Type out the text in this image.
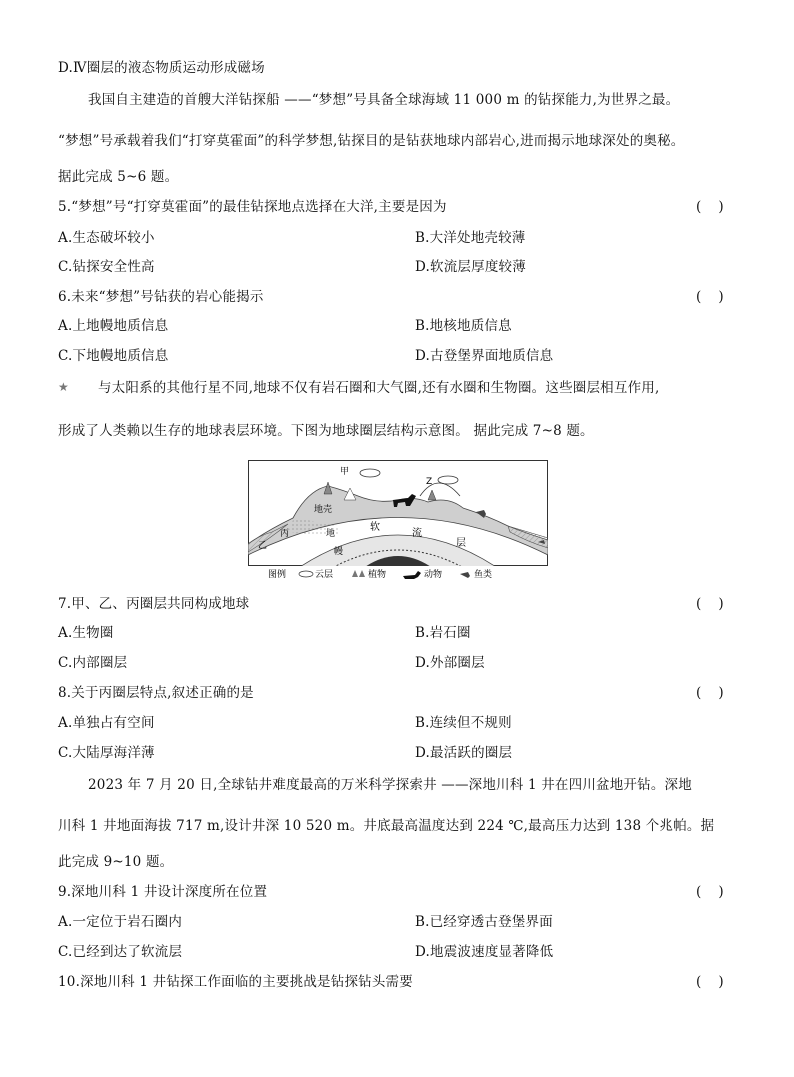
D.Ⅳ圈层的液态物质运动形成磁场
我国自主建造的首艘大洋钻探船 ——“梦想”号具备全球海域 11 000 m 的钻探能力,为世界之最。
“梦想”号承载着我们“打穿莫霍面”的科学梦想,钻探目的是钻获地球内部岩心,进而揭示地球深处的奥秘。
据此完成 5~6 题。
5.“梦想”号“打穿莫霍面”的最佳钻探地点选择在大洋,主要是因为	(    )
A.生态破坏较小	B.大洋处地壳较薄
C.钻探安全性高	D.软流层厚度较薄
6.未来“梦想”号钻获的岩心能揭示	(    )
A.上地幔地质信息	B.地核地质信息
C.下地幔地质信息	D.古登堡界面地质信息
★ 与太阳系的其他行星不同,地球不仅有岩石圈和大气圈,还有水圈和生物圈。这些圈层相互作用,
形成了人类赖以生存的地球表层环境。下图为地球圈层结构示意图。 据此完成 7~8 题。
甲
Z
地壳
丙
乙
地
幔
软
流
层
图例	云层	植物	动物	鱼类
7.甲、乙、丙圈层共同构成地球	(    )
A.生物圈	B.岩石圈
C.内部圈层	D.外部圈层
8.关于丙圈层特点,叙述正确的是	(    )
A.单独占有空间	B.连续但不规则
C.大陆厚海洋薄	D.最活跃的圈层
2023 年 7 月 20 日,全球钻井难度最高的万米科学探索井 ——深地川科 1 井在四川盆地开钻。深地
川科 1 井地面海拔 717 m,设计井深 10 520 m。井底最高温度达到 224 ℃,最高压力达到 138 个兆帕。据
此完成 9~10 题。
9.深地川科 1 井设计深度所在位置	(    )
A.一定位于岩石圈内	B.已经穿透古登堡界面
C.已经到达了软流层	D.地震波速度显著降低
10.深地川科 1 井钻探工作面临的主要挑战是钻探钻头需要	(    )
